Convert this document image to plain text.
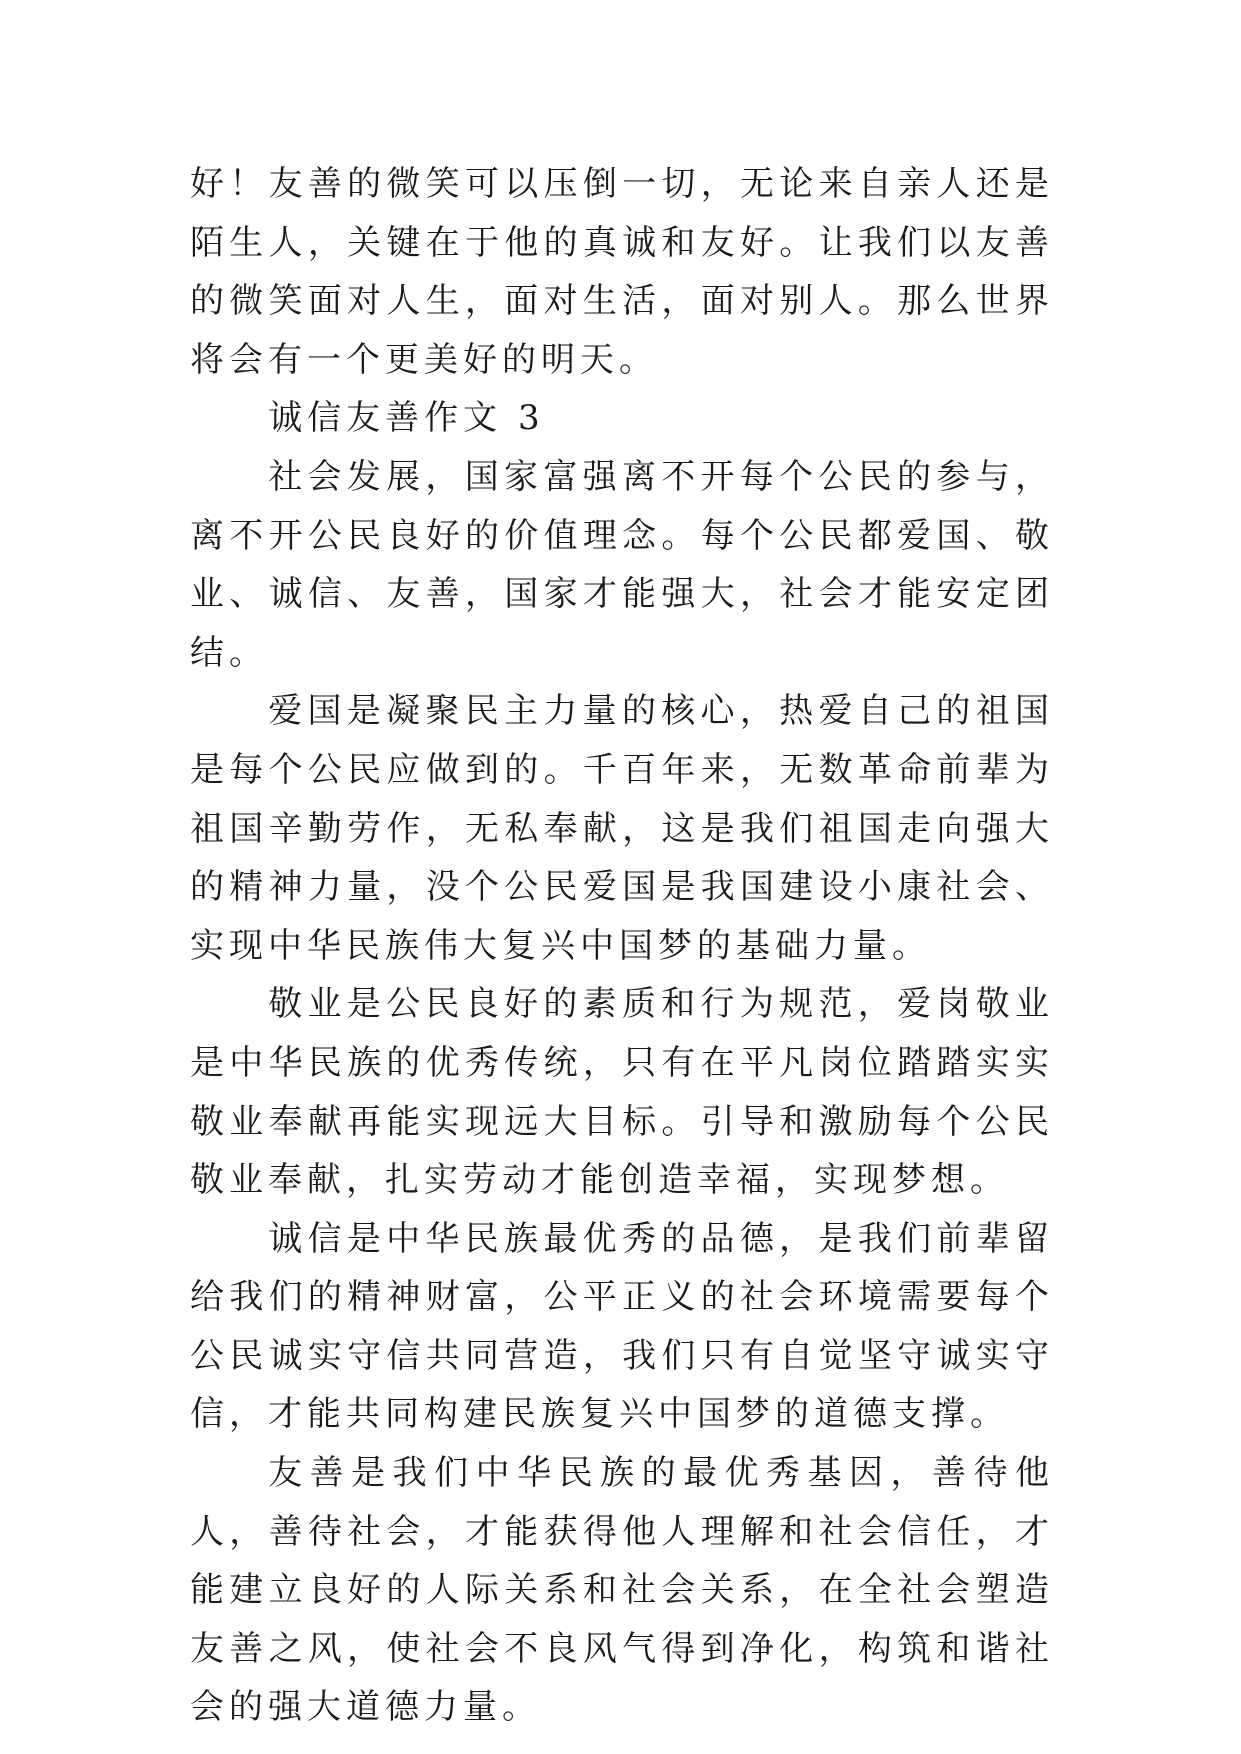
好！友善的微笑可以压倒一切，无论来自亲人还是陌生人，关键在于他的真诚和友好。让我们以友善的微笑面对人生，面对生活，面对别人。那么世界将会有一个更美好的明天。

诚信友善作文 3

社会发展，国家富强离不开每个公民的参与，离不开公民良好的价值理念。每个公民都爱国、敬业、诚信、友善，国家才能强大，社会才能安定团结。

爱国是凝聚民主力量的核心，热爱自己的祖国是每个公民应做到的。千百年来，无数革命前辈为祖国辛勤劳作，无私奉献，这是我们祖国走向强大的精神力量，没个公民爱国是我国建设小康社会、实现中华民族伟大复兴中国梦的基础力量。

敬业是公民良好的素质和行为规范，爱岗敬业是中华民族的优秀传统，只有在平凡岗位踏踏实实敬业奉献再能实现远大目标。引导和激励每个公民敬业奉献，扎实劳动才能创造幸福，实现梦想。

诚信是中华民族最优秀的品德，是我们前辈留给我们的精神财富，公平正义的社会环境需要每个公民诚实守信共同营造，我们只有自觉坚守诚实守信，才能共同构建民族复兴中国梦的道德支撑。

友善是我们中华民族的最优秀基因，善待他人，善待社会，才能获得他人理解和社会信任，才能建立良好的人际关系和社会关系，在全社会塑造友善之风，使社会不良风气得到净化，构筑和谐社会的强大道德力量。
